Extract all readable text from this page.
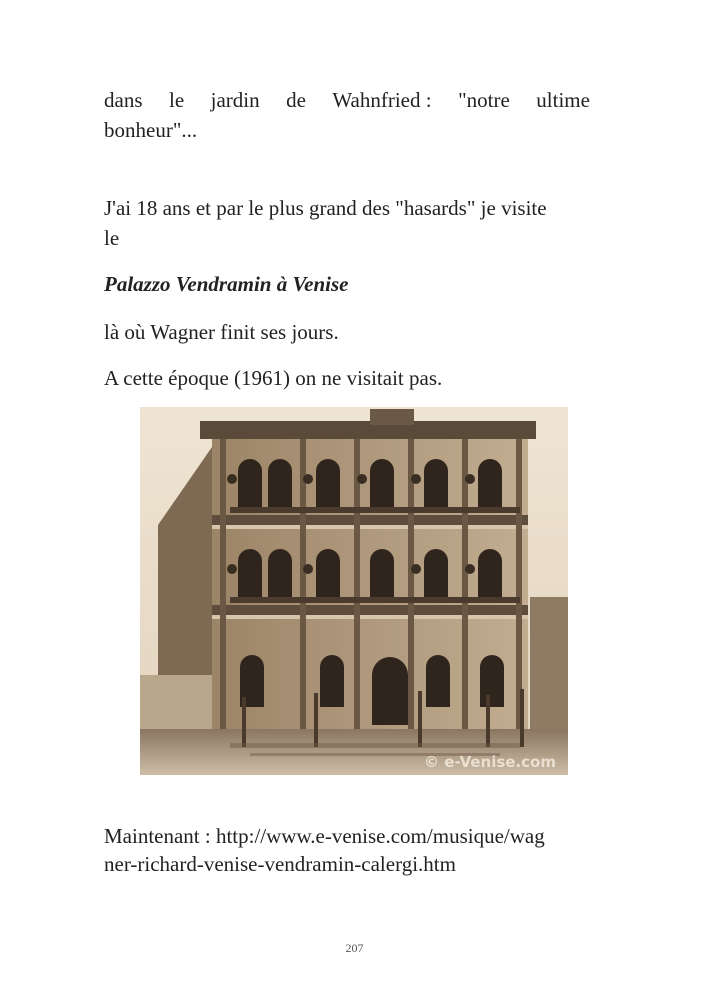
dans le jardin de Wahnfried : "notre ultime
bonheur"...
J'ai 18 ans et par le plus grand des "hasards" je visite
le
Palazzo Vendramin à Venise
là où Wagner finit ses jours.
A cette époque (1961) on ne visitait pas.
© e-Venise.com
Maintenant : http://www.e-venise.com/musique/wag
ner-richard-venise-vendramin-calergi.htm
207
